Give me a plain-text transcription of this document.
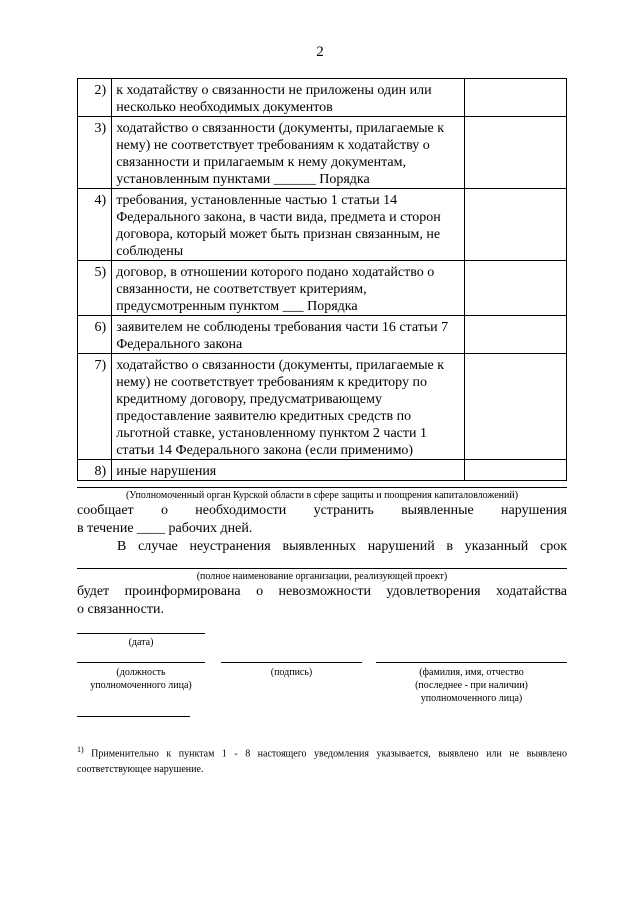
2
2)	к ходатайству о связанности не приложены один или несколько необходимых документов	
3)	ходатайство о связанности (документы, прилагаемые к нему) не соответствует требованиям к ходатайству о связанности и прилагаемым к нему документам, установленным пунктами ______ Порядка	
4)	требования, установленные частью 1 статьи 14 Федерального закона, в части вида, предмета и сторон договора, который может быть признан связанным, не соблюдены	
5)	договор, в отношении которого подано ходатайство о связанности, не соответствует критериям, предусмотренным пунктом ___ Порядка	
6)	заявителем не соблюдены требования части 16 статьи 7 Федерального закона	
7)	ходатайство о связанности (документы, прилагаемые к нему) не соответствует требованиям к кредитору по кредитному договору, предусматривающему предоставление заявителю кредитных средств по льготной ставке, установленному пунктом 2 части 1 статьи 14 Федерального закона (если применимо)	
8)	иные нарушения	
(Уполномоченный орган Курской области в сфере защиты и поощрения капиталовложений)
сообщает о необходимости устранить выявленные нарушения
в течение ____ рабочих дней.
В случае неустранения выявленных нарушений в указанный срок
(полное наименование организации, реализующей проект)
будет проинформирована о невозможности удовлетворения ходатайства
о связанности.
(дата)
(должность
уполномоченного лица)
(подпись)	(фамилия, имя, отчество
(последнее - при наличии)
уполномоченного лица)
$^{1)}$ Применительно к пунктам 1 - 8 настоящего уведомления указывается, выявлено или не выявлено соответствующее нарушение.
